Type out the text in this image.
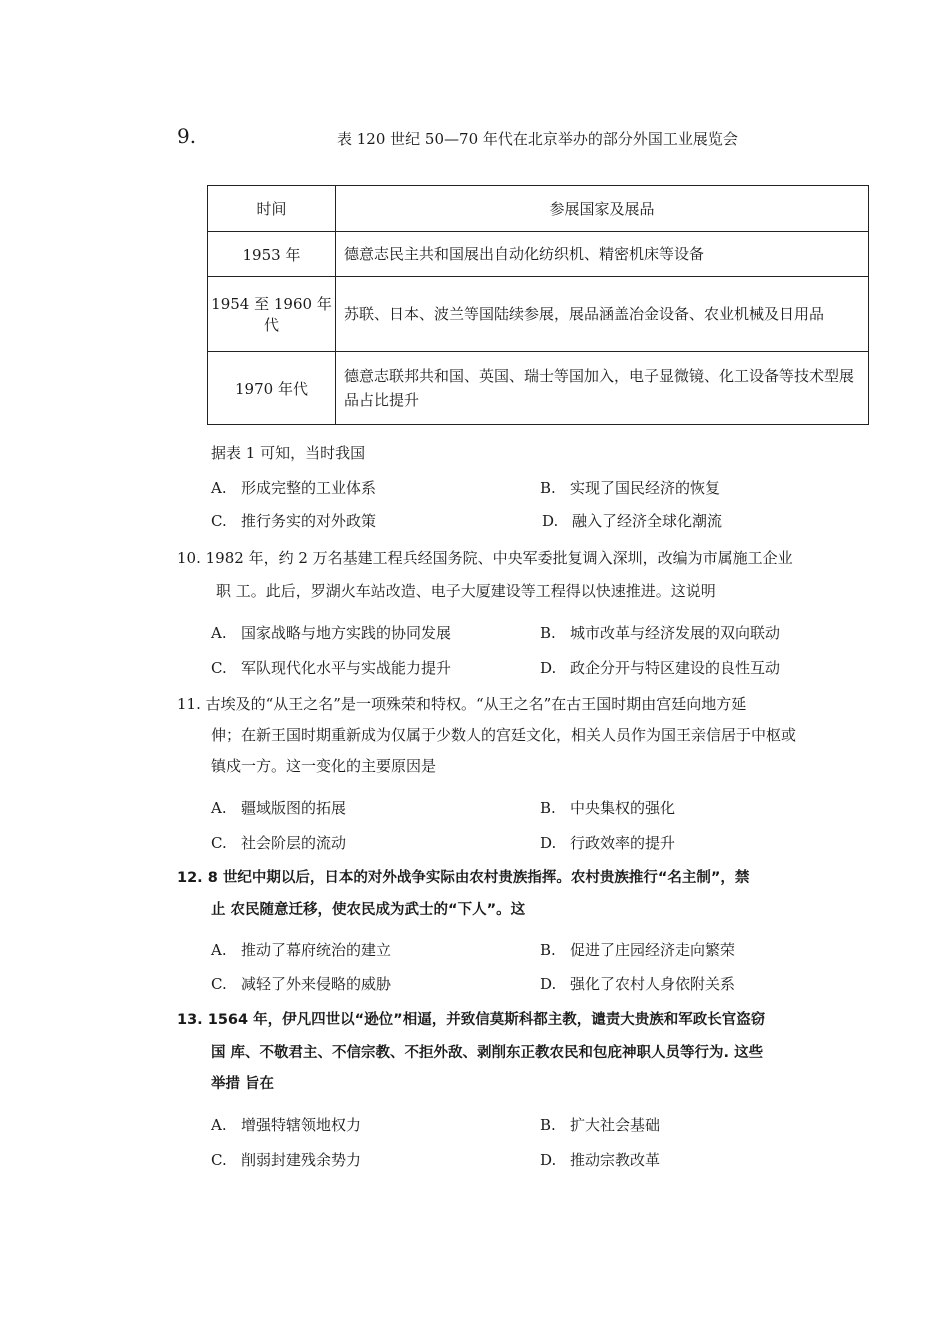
9.	表 120 世纪 50—70 年代在北京举办的部分外国工业展览会
时间	参展国家及展品
1953 年	德意志民主共和国展出自动化纺织机、精密机床等设备
1954 至 1960 年代	苏联、日本、波兰等国陆续参展，展品涵盖冶金设备、农业机械及日用品
1970 年代	德意志联邦共和国、英国、瑞士等国加入，电子显微镜、化工设备等技术型展品占比提升
据表 1 可知，当时我国
A. 形成完整的工业体系	B. 实现了国民经济的恢复
C. 推行务实的对外政策	D. 融入了经济全球化潮流
10. 1982 年，约 2 万名基建工程兵经国务院、中央军委批复调入深圳，改编为市属施工企业
职 工。此后，罗湖火车站改造、电子大厦建设等工程得以快速推进。这说明
A. 国家战略与地方实践的协同发展	B. 城市改革与经济发展的双向联动
C. 军队现代化水平与实战能力提升	D. 政企分开与特区建设的良性互动
11. 古埃及的“从王之名”是一项殊荣和特权。“从王之名”在古王国时期由宫廷向地方延
伸；在新王国时期重新成为仅属于少数人的宫廷文化，相关人员作为国王亲信居于中枢或
镇戍一方。这一变化的主要原因是
A. 疆域版图的拓展	B. 中央集权的强化
C. 社会阶层的流动	D. 行政效率的提升
12. 8 世纪中期以后，日本的对外战争实际由农村贵族指挥。农村贵族推行“名主制”，禁
止 农民随意迁移，使农民成为武士的“下人”。这
A. 推动了幕府统治的建立	B. 促进了庄园经济走向繁荣
C. 减轻了外来侵略的威胁	D. 强化了农村人身依附关系
13. 1564 年，伊凡四世以“逊位”相逼，并致信莫斯科都主教，谴责大贵族和军政长官盗窃
国 库、不敬君主、不信宗教、不拒外敌、剥削东正教农民和包庇神职人员等行为. 这些
举措 旨在
A. 增强特辖领地权力	B. 扩大社会基础
C. 削弱封建残余势力	D. 推动宗教改革
